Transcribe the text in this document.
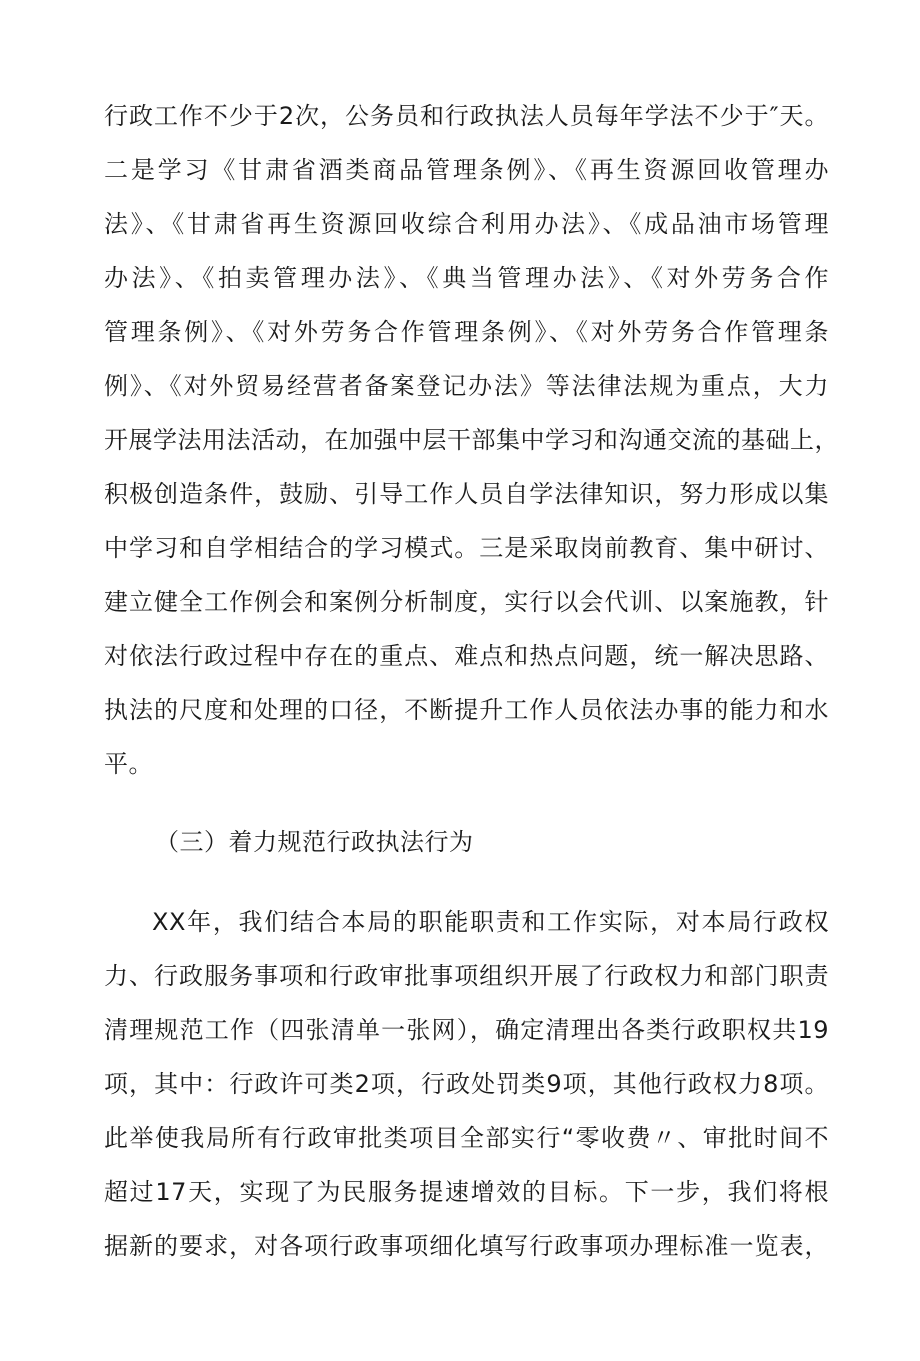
行政工作不少于2次，公务员和行政执法人员每年学法不少于″天。
二是学习《甘肃省酒类商品管理条例》、《再生资源回收管理办
法》、《甘肃省再生资源回收综合利用办法》、《成品油市场管理
办法》、《拍卖管理办法》、《典当管理办法》、《对外劳务合作
管理条例》、《对外劳务合作管理条例》、《对外劳务合作管理条
例》、《对外贸易经营者备案登记办法》等法律法规为重点，大力
开展学法用法活动，在加强中层干部集中学习和沟通交流的基础上，
积极创造条件，鼓励、引导工作人员自学法律知识，努力形成以集
中学习和自学相结合的学习模式。三是采取岗前教育、集中研讨、
建立健全工作例会和案例分析制度，实行以会代训、以案施教，针
对依法行政过程中存在的重点、难点和热点问题，统一解决思路、
执法的尺度和处理的口径，不断提升工作人员依法办事的能力和水
平。
（三）着力规范行政执法行为
XX年，我们结合本局的职能职责和工作实际，对本局行政权
力、行政服务事项和行政审批事项组织开展了行政权力和部门职责
清理规范工作（四张清单一张网），确定清理出各类行政职权共19
项，其中：行政许可类2项，行政处罚类9项，其他行政权力8项。
此举使我局所有行政审批类项目全部实行“零收费〃、审批时间不
超过17天，实现了为民服务提速增效的目标。下一步，我们将根
据新的要求，对各项行政事项细化填写行政事项办理标准一览表，
